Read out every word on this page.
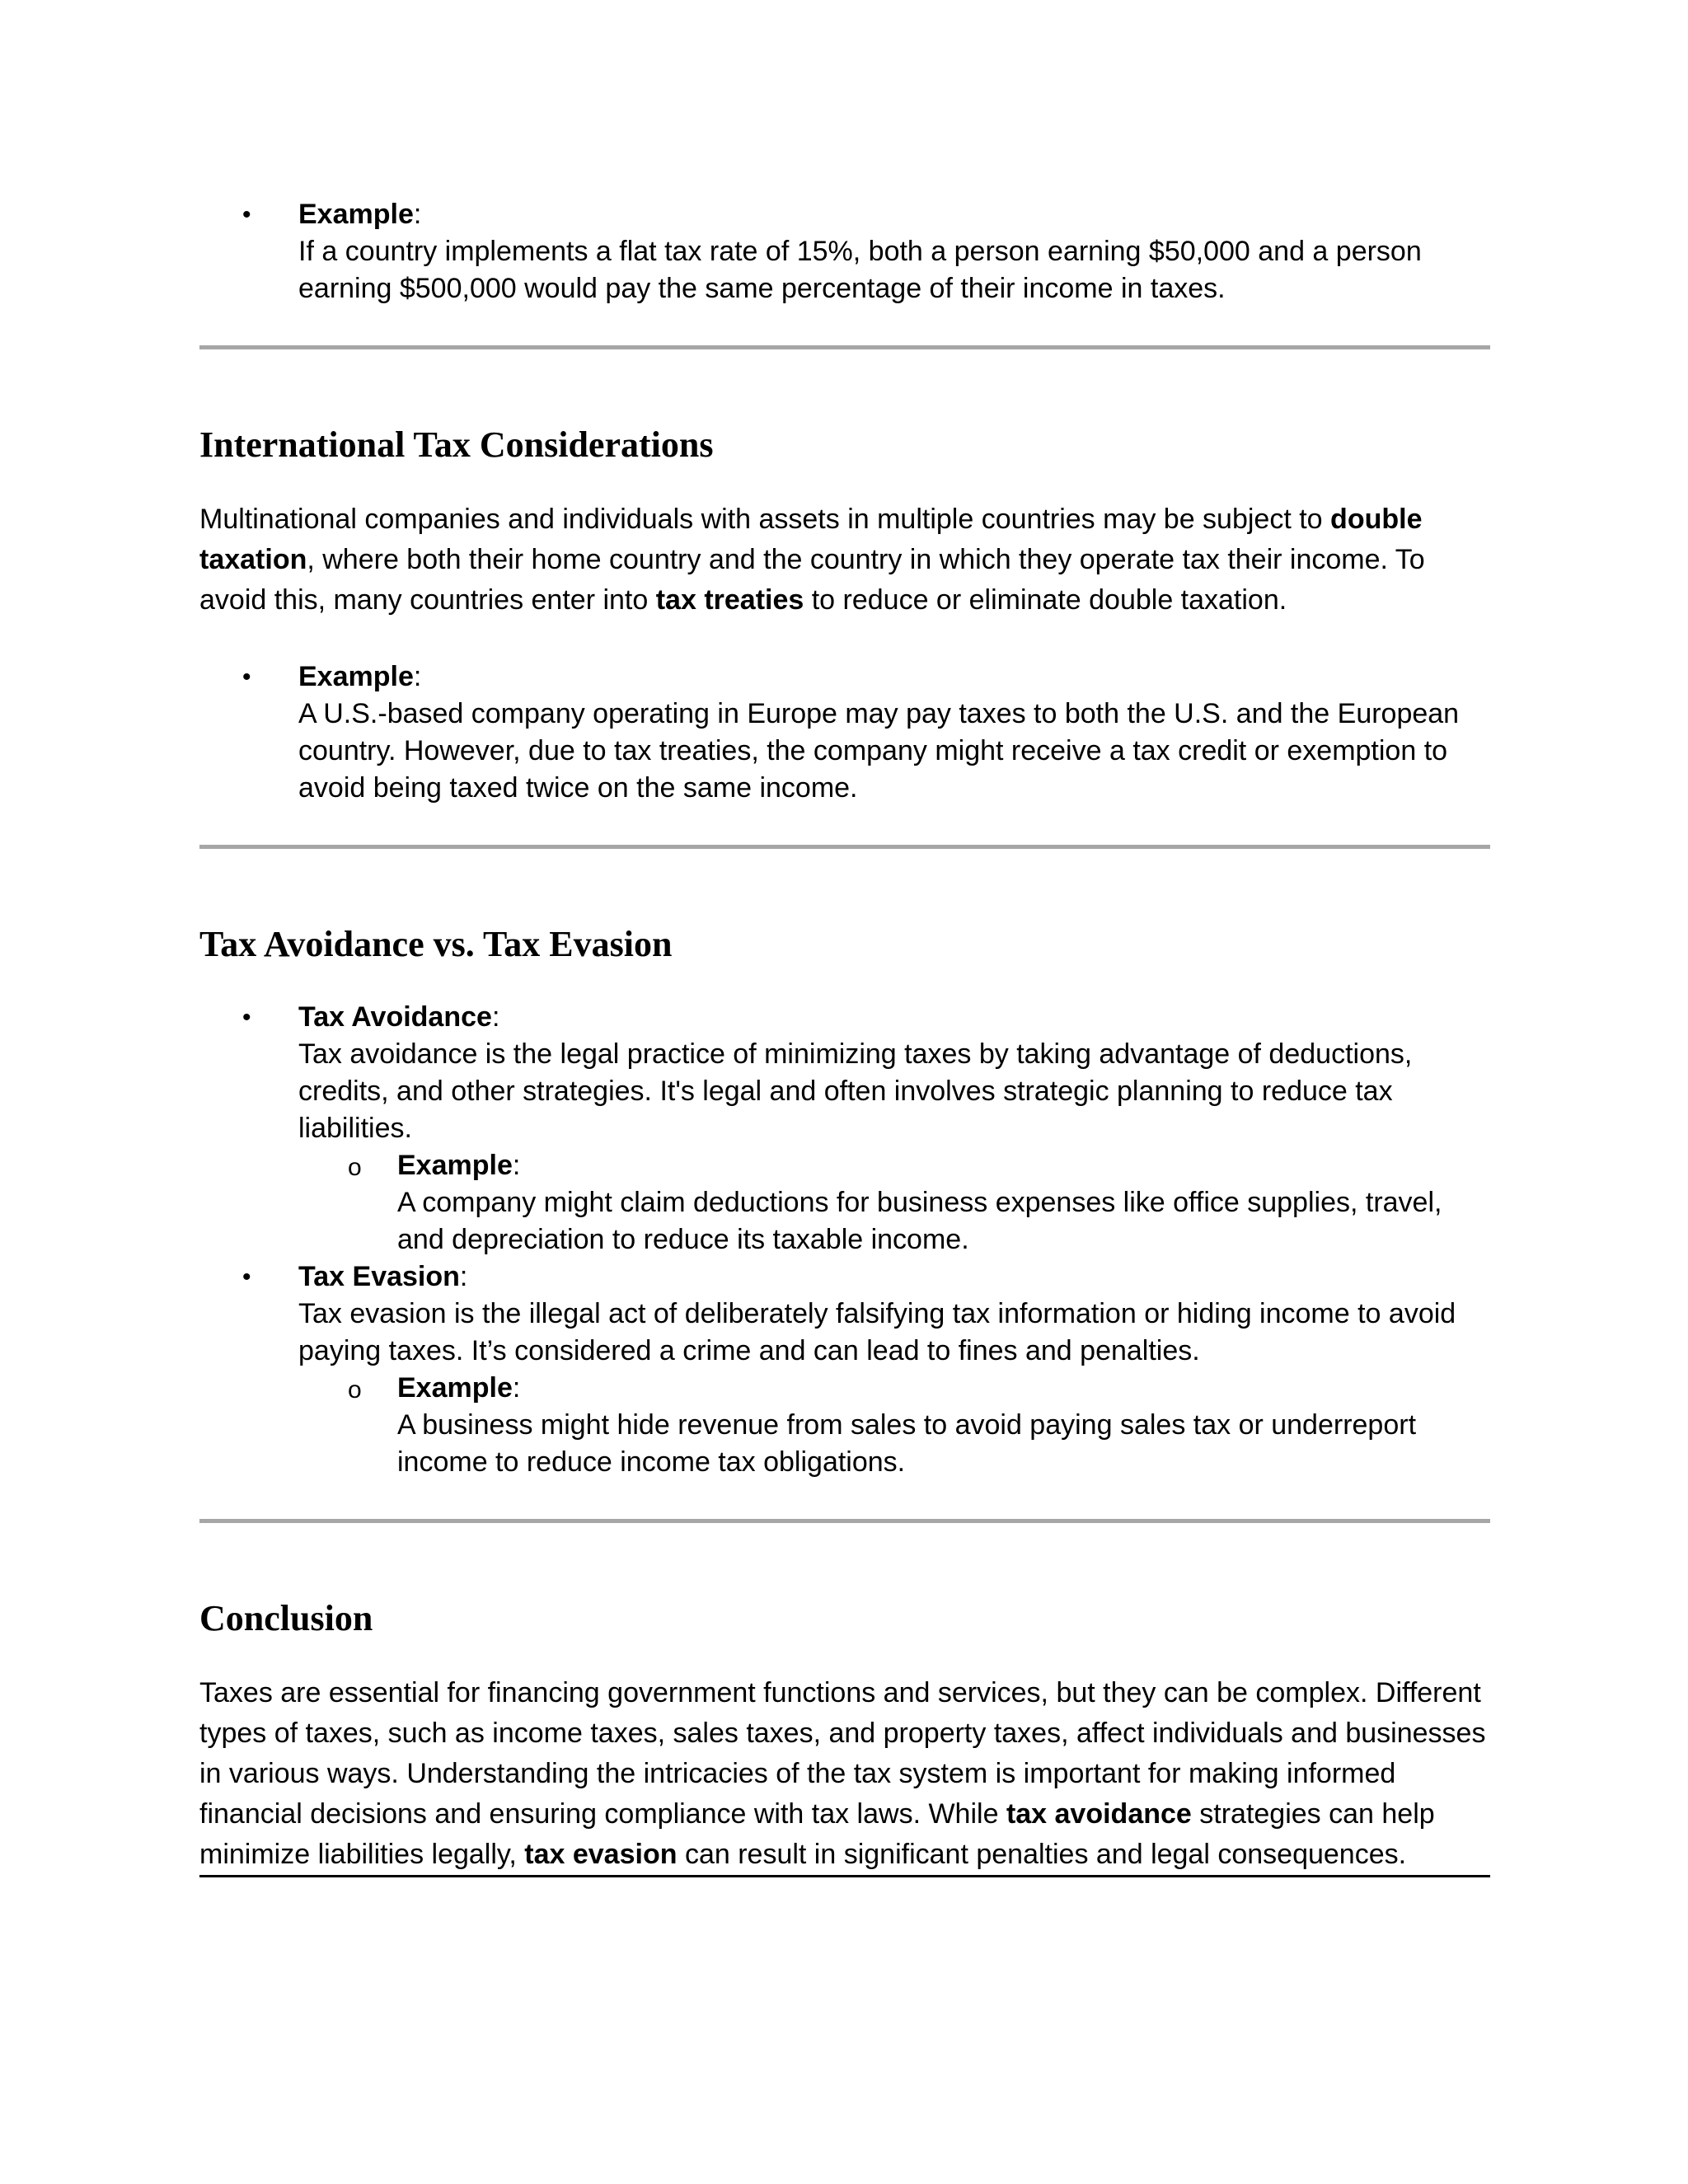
• Example:
If a country implements a flat tax rate of 15%, both a person earning $50,000 and a person earning $500,000 would pay the same percentage of their income in taxes.
International Tax Considerations

Multinational companies and individuals with assets in multiple countries may be subject to double taxation, where both their home country and the country in which they operate tax their income. To avoid this, many countries enter into tax treaties to reduce or eliminate double taxation.

• Example:
A U.S.-based company operating in Europe may pay taxes to both the U.S. and the European country. However, due to tax treaties, the company might receive a tax credit or exemption to avoid being taxed twice on the same income.
Tax Avoidance vs. Tax Evasion
• Tax Avoidance:
Tax avoidance is the legal practice of minimizing taxes by taking advantage of deductions, credits, and other strategies. It's legal and often involves strategic planning to reduce tax liabilities.
o Example:
A company might claim deductions for business expenses like office supplies, travel, and depreciation to reduce its taxable income.
• Tax Evasion:
Tax evasion is the illegal act of deliberately falsifying tax information or hiding income to avoid paying taxes. It’s considered a crime and can lead to fines and penalties.
o Example:
A business might hide revenue from sales to avoid paying sales tax or underreport income to reduce income tax obligations.
Conclusion

Taxes are essential for financing government functions and services, but they can be complex. Different types of taxes, such as income taxes, sales taxes, and property taxes, affect individuals and businesses in various ways. Understanding the intricacies of the tax system is important for making informed financial decisions and ensuring compliance with tax laws. While tax avoidance strategies can help minimize liabilities legally, tax evasion can result in significant penalties and legal consequences.
